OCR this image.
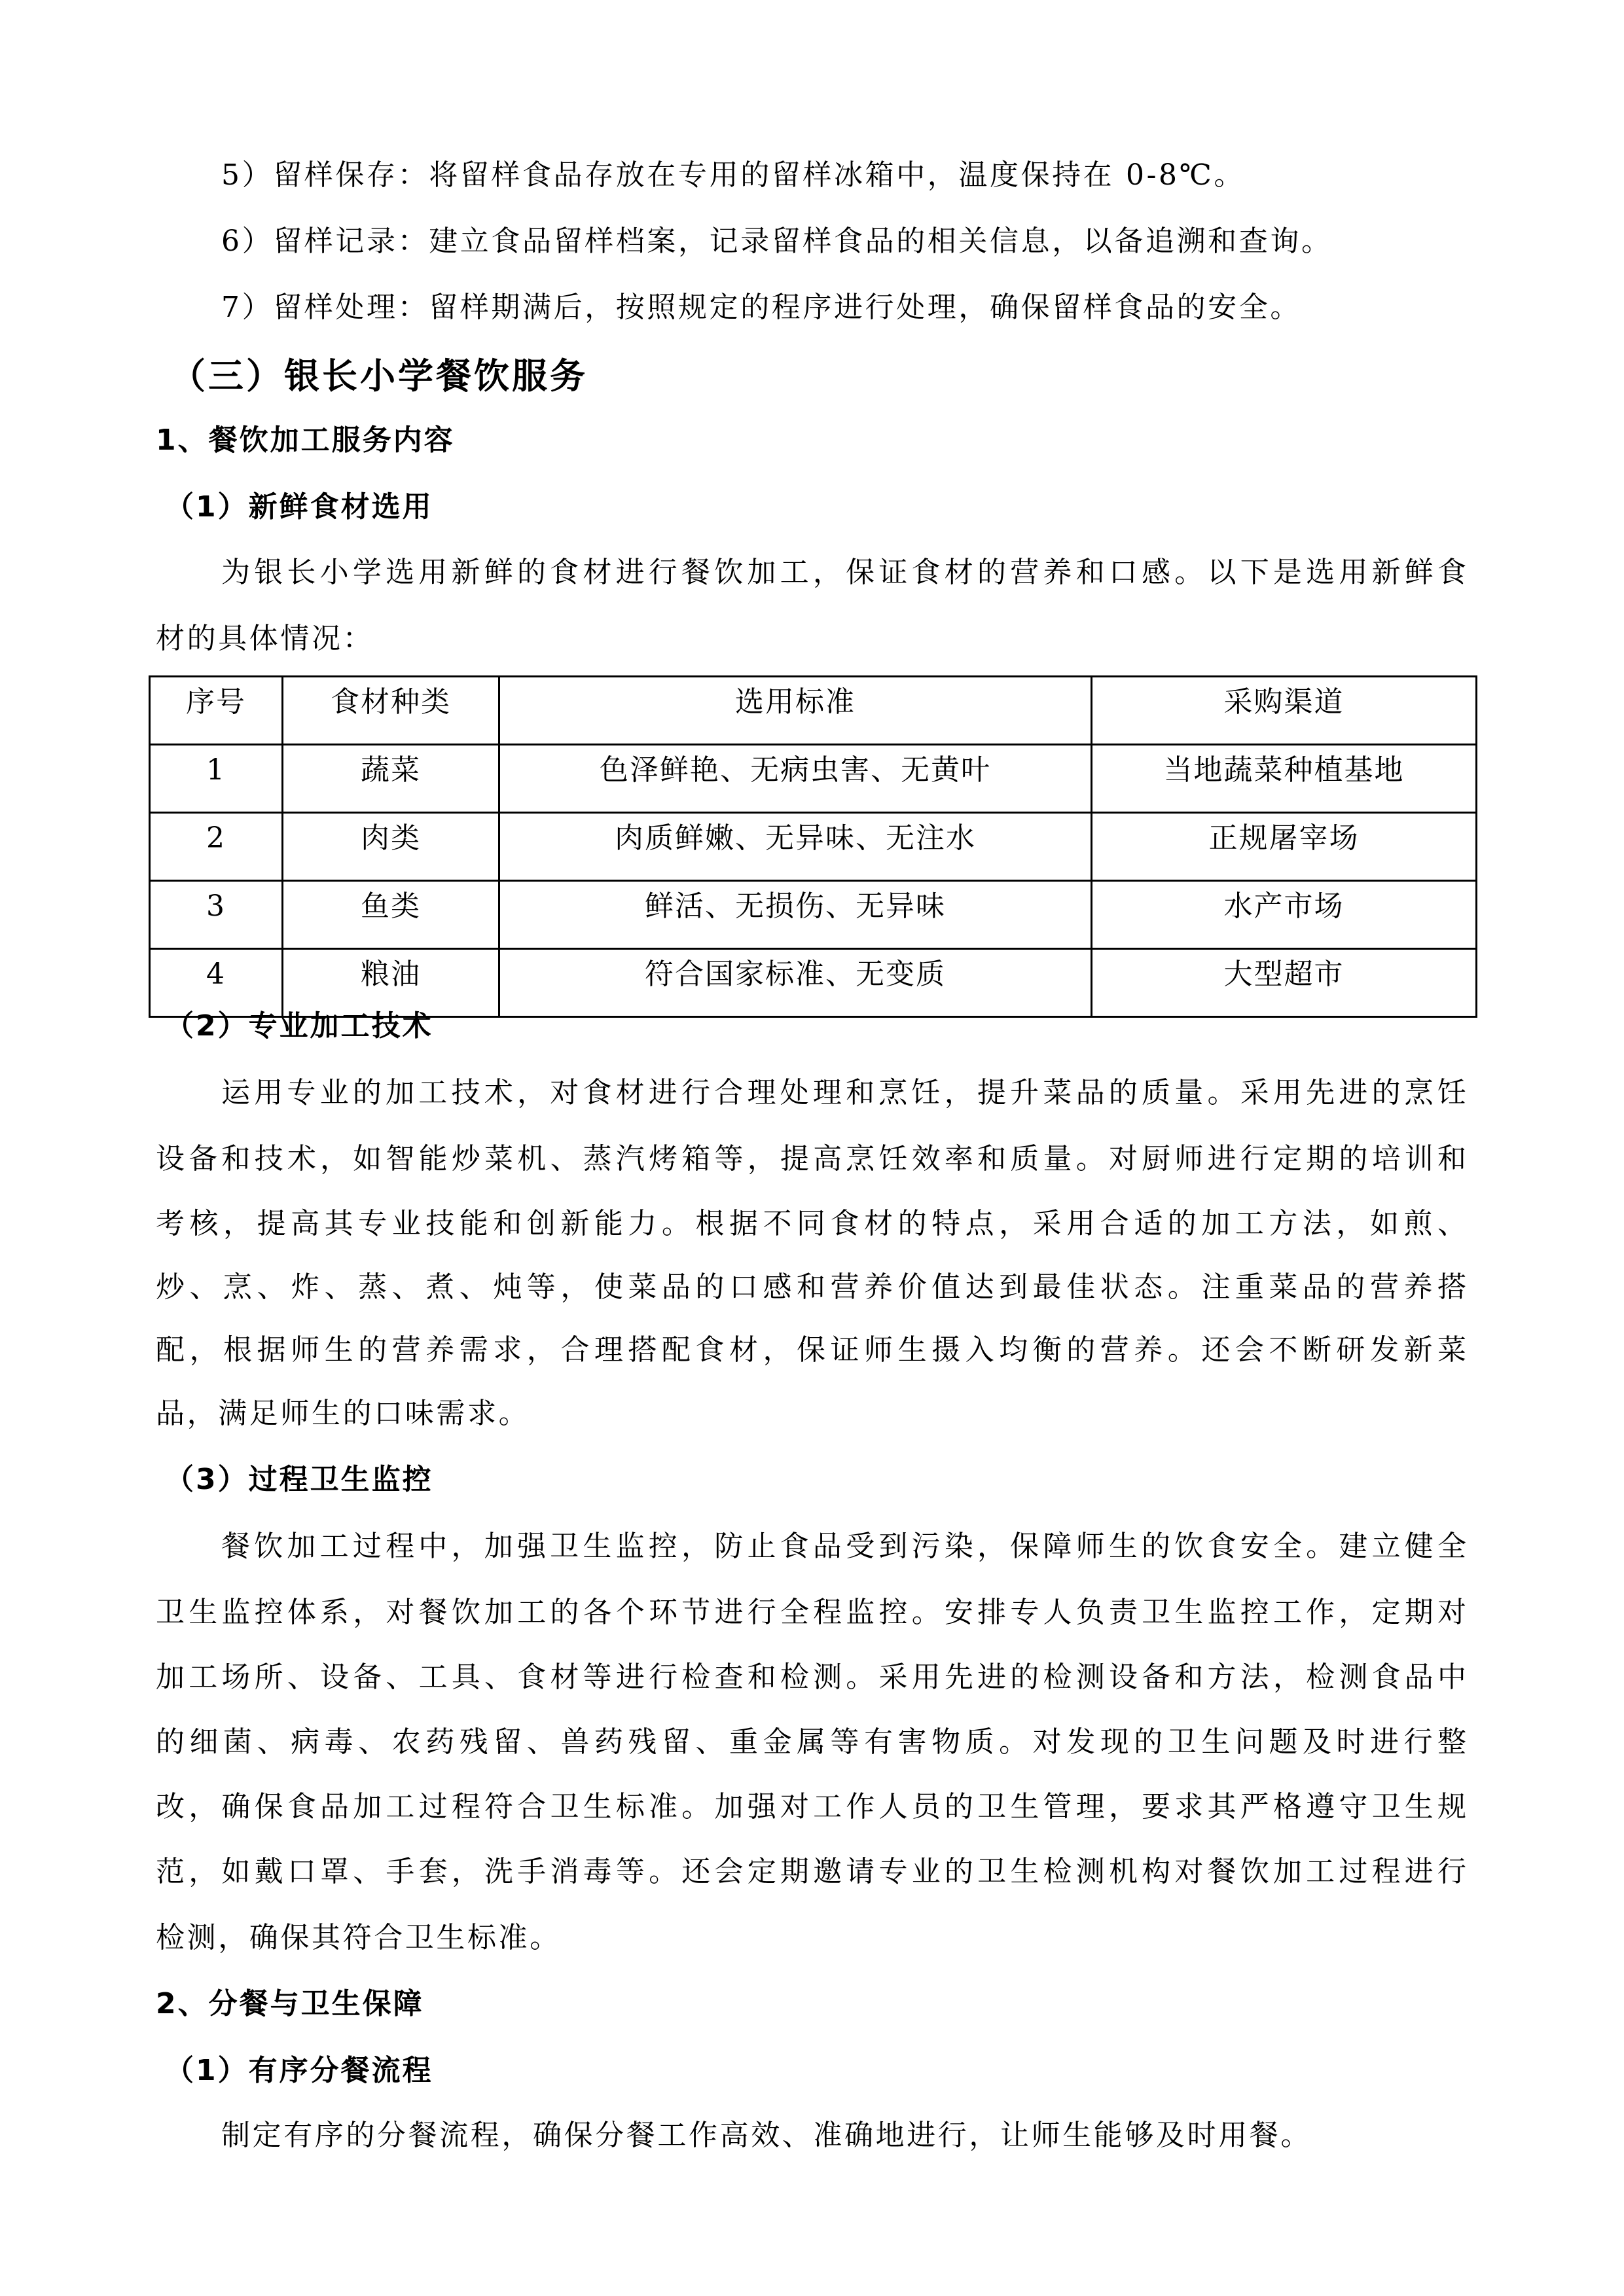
5）留样保存：将留样食品存放在专用的留样冰箱中，温度保持在 0-8℃。
6）留样记录：建立食品留样档案，记录留样食品的相关信息，以备追溯和查询。
7）留样处理：留样期满后，按照规定的程序进行处理，确保留样食品的安全。
（三）银长小学餐饮服务
1、餐饮加工服务内容
（1）新鲜食材选用
为银长小学选用新鲜的食材进行餐饮加工，保证食材的营养和口感。以下是选用新鲜食
材的具体情况：
（2）专业加工技术
运用专业的加工技术，对食材进行合理处理和烹饪，提升菜品的质量。采用先进的烹饪
设备和技术，如智能炒菜机、蒸汽烤箱等，提高烹饪效率和质量。对厨师进行定期的培训和
考核，提高其专业技能和创新能力。根据不同食材的特点，采用合适的加工方法，如煎、
炒、烹、炸、蒸、煮、炖等，使菜品的口感和营养价值达到最佳状态。注重菜品的营养搭
配，根据师生的营养需求，合理搭配食材，保证师生摄入均衡的营养。还会不断研发新菜
品，满足师生的口味需求。
（3）过程卫生监控
餐饮加工过程中，加强卫生监控，防止食品受到污染，保障师生的饮食安全。建立健全
卫生监控体系，对餐饮加工的各个环节进行全程监控。安排专人负责卫生监控工作，定期对
加工场所、设备、工具、食材等进行检查和检测。采用先进的检测设备和方法，检测食品中
的细菌、病毒、农药残留、兽药残留、重金属等有害物质。对发现的卫生问题及时进行整
改，确保食品加工过程符合卫生标准。加强对工作人员的卫生管理，要求其严格遵守卫生规
范，如戴口罩、手套，洗手消毒等。还会定期邀请专业的卫生检测机构对餐饮加工过程进行
检测，确保其符合卫生标准。
2、分餐与卫生保障
（1）有序分餐流程
制定有序的分餐流程，确保分餐工作高效、准确地进行，让师生能够及时用餐。
序号	食材种类	选用标准	采购渠道
1	蔬菜	色泽鲜艳、无病虫害、无黄叶	当地蔬菜种植基地
2	肉类	肉质鲜嫩、无异味、无注水	正规屠宰场
3	鱼类	鲜活、无损伤、无异味	水产市场
4	粮油	符合国家标准、无变质	大型超市
